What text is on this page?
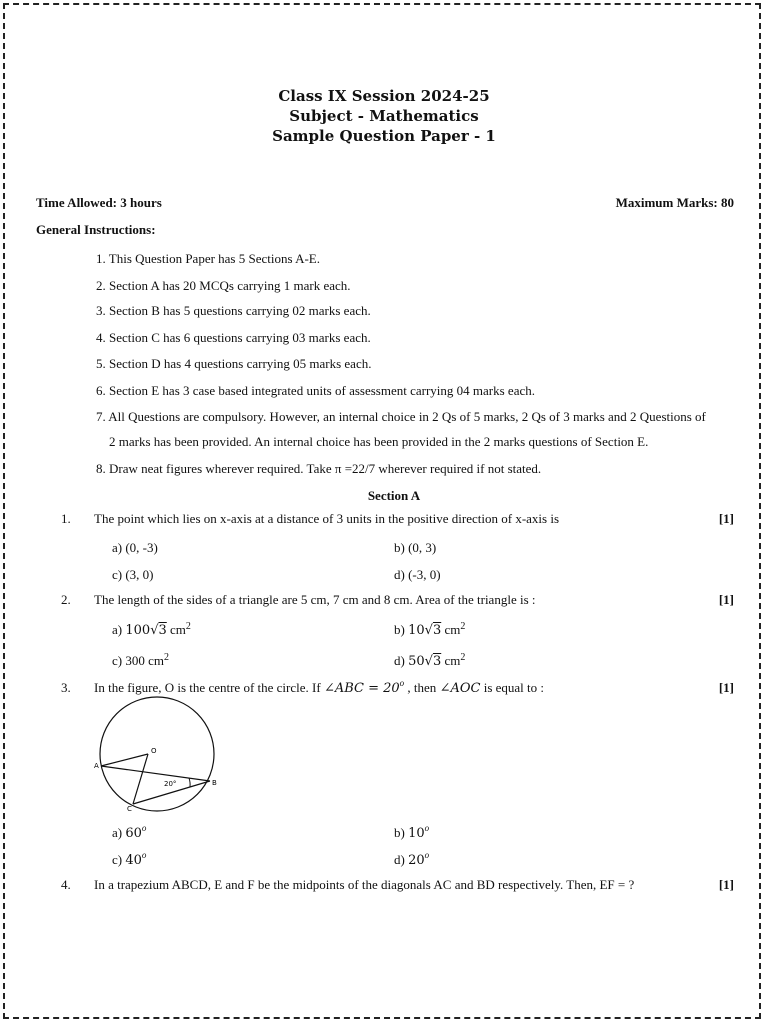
Class IX Session 2024-25
Subject - Mathematics
Sample Question Paper - 1
Time Allowed: 3 hours	Maximum Marks: 80
General Instructions:
1. This Question Paper has 5 Sections A-E.
2. Section A has 20 MCQs carrying 1 mark each.
3. Section B has 5 questions carrying 02 marks each.
4. Section C has 6 questions carrying 03 marks each.
5. Section D has 4 questions carrying 05 marks each.
6. Section E has 3 case based integrated units of assessment carrying 04 marks each.
7. All Questions are compulsory. However, an internal choice in 2 Qs of 5 marks, 2 Qs of 3 marks and 2 Questions of
2 marks has been provided. An internal choice has been provided in the 2 marks questions of Section E.
8. Draw neat figures wherever required. Take π =22/7 wherever required if not stated.
Section A
1. The point which lies on x-axis at a distance of 3 units in the positive direction of x-axis is	[1]
a) (0, -3)	b) (0, 3)
c) (3, 0)	d) (-3, 0)
2. The length of the sides of a triangle are 5 cm, 7 cm and 8 cm. Area of the triangle is :	[1]
a) 100√3 $cm^2$	b) 10√3 $cm^2$
c) 300 $cm^2$	d) 50√3 $cm^2$
3. In the figure, O is the centre of the circle. If ∠ABC = $20^o$ , then ∠AOC is equal to :	[1]
O
A
B
C
20°
a) 60$^o$	b) 10$^o$
c) 40$^o$	d) 20$^o$
4. In a trapezium ABCD, E and F be the midpoints of the diagonals AC and BD respectively. Then, EF = ?	[1]
